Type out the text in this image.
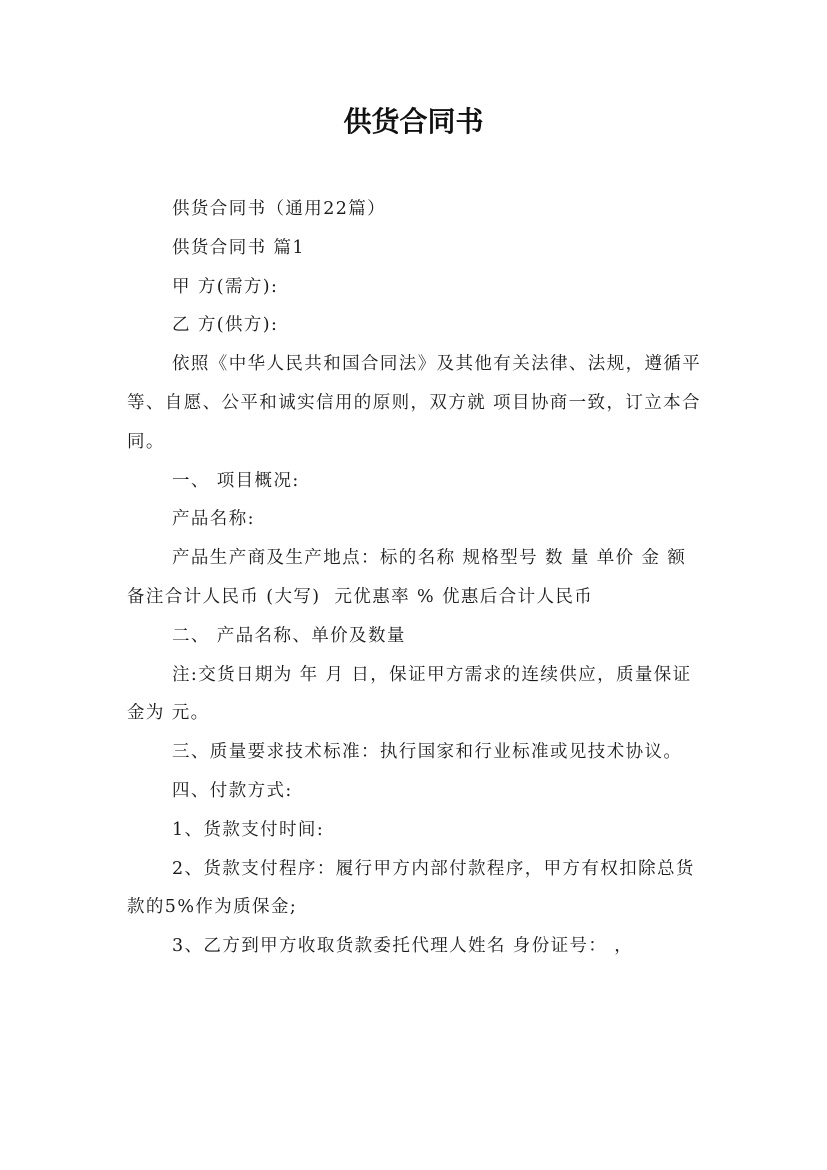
供货合同书

供货合同书（通用22篇）

供货合同书 篇1

甲 方(需方):

乙 方(供方):

依照《中华人民共和国合同法》及其他有关法律、法规，遵循平等、自愿、公平和诚实信用的原则，双方就 项目协商一致，订立本合同。

一、 项目概况:

产品名称:

产品生产商及生产地点：标的名称 规格型号 数 量 单价 金 额 备注合计人民币 (大写)  元优惠率 % 优惠后合计人民币

二、 产品名称、单价及数量

注:交货日期为 年 月 日，保证甲方需求的连续供应，质量保证金为 元。

三、质量要求技术标准：执行国家和行业标准或见技术协议。

四、付款方式:

1、货款支付时间:

2、货款支付程序：履行甲方内部付款程序，甲方有权扣除总货款的5%作为质保金;

3、乙方到甲方收取货款委托代理人姓名 身份证号： ，
